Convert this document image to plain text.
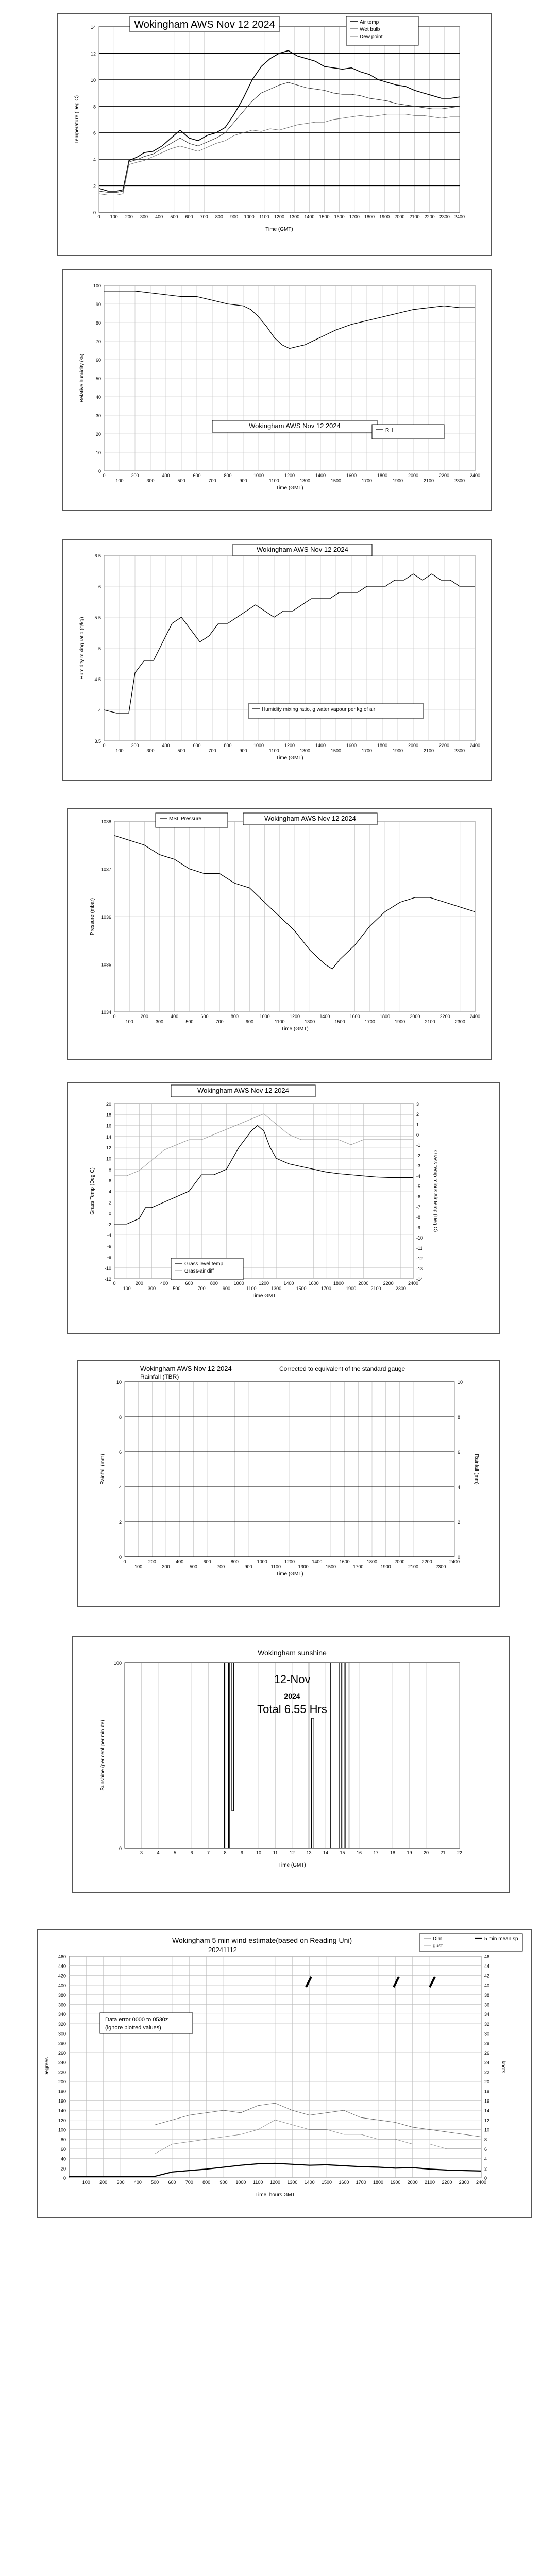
0 100 200 300 400 500 600 700 800 900 1000 1100 1200 1300 1400 1500 1600 1700 1800 1900 2000 2100 2200 2300 2400
0
2
4
6
8
10
12
14
Time (GMT)
Temperature (Deg C)
Wokingham AWS Nov 12 2024	Air temp
Wet bulb
Dew point
0
100
200
300
400
500
600
700
800
900
1000
1100
1200
1300
1400
1500
1600
1700
1800
1900
2000
2100
2200
2300
2400
0
10
20
30
40
50
60
70
80
90
100
Time (GMT)
Relative humidity (%)
Wokingham AWS Nov 12 2024
RH
0
100
200
300
400
500
600
700
800
900
1000
1100
1200
1300
1400
1500
1600
1700
1800
1900
2000
2100
2200
2300
2400
3.5
4
4.5
5
5.5
6
6.5
Time (GMT)
Humidity mixing ratio (g/kg)
Wokingham AWS Nov 12 2024
Humidity mixing ratio, g water vapour per kg of air
0
100
200
300
400
500
600
700
800
900
1000
1100
1200
1300
1400
1500
1600
1700
1800
1900
2000
2100
2200
2300
2400
1034
1035
1036
1037
1038
Time (GMT)
Pressure (mbar)
Wokingham AWS Nov 12 2024
MSL Pressure
0
100
200
300
400
500
600
700
800
900
1000
1100
1200
1300
1400
1500
1600
1700
1800
1900
2000
2100
2200
2300
2400
-12
-10
-8
-6
-4
-2
0
2
4
6
8
10
12
14
16
18
20
-14
-13
-12
-11
-10
-9
-8
-7
-6
-5
-4
-3
-2
-1
0
1
2
3
Time GMT
Grass Temp (Deg C)	Grass temp minus Air temp (Deg C)
Wokingham AWS Nov 12 2024
Grass level temp
Grass-air diff
0
100
200
300
400
500
600
700
800
900
1000
1100
1200
1300
1400
1500
1600
1700
1800
1900
2000
2100
2200
2300
2400
0
2
4
6
8
10
0
2
4
6
8
10
Time (GMT)
Rainfall (mm)	Rainfall (mm)
Wokingham AWS Nov 12 2024
Rainfall (TBR)
Corrected to equivalent of the standard gauge
3	4	5	6	7	8	9	10	11	12 13 14 15 16 17 18 19 20 21 22
0
100
Time (GMT)
Sunshine (per cent per minute)
Wokingham sunshine
12-Nov
2024
Total 6.55 Hrs
100 200 300 400 500 600 700 800 900 1000 1100 1200 1300 1400 1500 1600 1700 1800 1900 2000 2100 2200 2300 2400
0
20
40
60
80
100
120
140
160
180
200
220
240
260
280
300
320
340
360
380
400
420
440
460
0
2
4
6
8
10
12
14
16
18
20
22
24
26
28
30
32
34
36
38
40
42
44
46
Time, hours GMT
Degrees	knots
Wokingham 5 min wind estimate(based on Reading Uni)
20241112
Data error 0000 to 0530z
(ignore plotted values)
Dirn	5 min mean sp
gust
